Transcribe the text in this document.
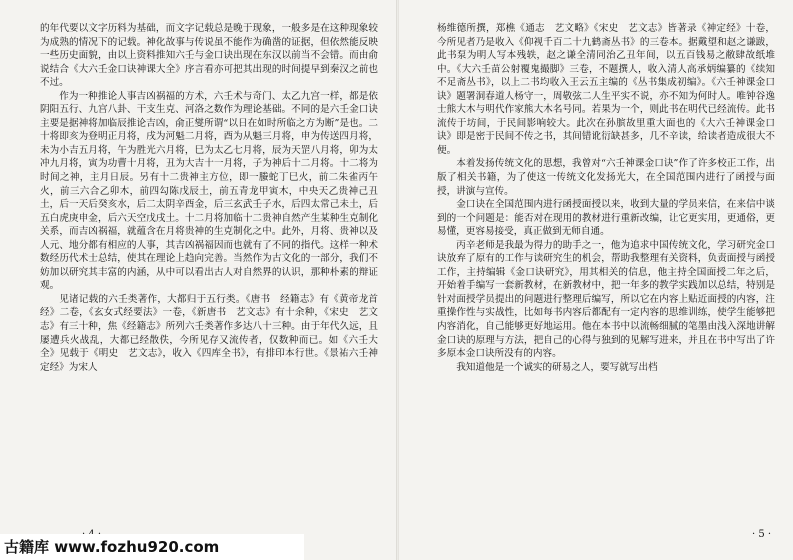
的年代要以文字历料为基础，而文字记载总是晚于现象，一般多是在这种现象较为成熟的情况下的记载。神化故事与传说虽不能作为确凿的证据，但依然能反映一些历史面貌，由以上资料推知六壬与金口诀出现在东汉以前当不会错。而由俞说结合《大六壬金口诀神课大全》序言看亦可把其出现的时间提早到秦汉之前也不过。

作为一种推论人事吉凶祸福的方术，六壬术与奇门、太乙九宫一样，都是依阴阳五行、九宫八卦、干支生克、河洛之数作为理论基础。不同的是六壬金口诀主要是据神将加临辰推论吉凶，俞正燮所谓“以日在如时所临之方为断”是也。二十将即亥为登明正月将，戌为河魁二月将，酉为从魁三月将，申为传送四月将，未为小吉五月将，午为胜光六月将，巳为太乙七月将，辰为天罡八月将，卯为太冲九月将，寅为功曹十月将，丑为大吉十一月将，子为神后十二月将。十二将为时间之神，主月日辰。另有十二贵神主方位，即一螣蛇丁巳火，前二朱雀丙午火，前三六合乙卯木，前四勾陈戊辰土，前五青龙甲寅木，中央天乙贵神己丑土，后一天后癸亥水，后二太阴辛酉金，后三玄武壬子水，后四太常己未土，后五白虎庚申金，后六天空戊戌土。十二月将加临十二贵神自然产生某种生克制化关系，而吉凶祸福，就蕴含在月将贵神的生克制化之中。此外，月将、贵神以及人元、地分都有相应的人事，其吉凶祸福因而也就有了不同的指代。这样一种术数经历代术士总结，使其在理论上趋向完善。当然作为古文化的一部分，我们不妨加以研究其丰富的内涵，从中可以看出古人对自然界的认识，那种朴素的辩证观。

见诸记载的六壬类著作，大都归于五行类。《唐书　经籍志》有《黄帝龙首经》二卷，《玄女式经要法》一卷，《新唐书　艺文志》有十余种，《宋史　艺文志》有三十种，焦《经籍志》所列六壬类著作多达八十三种。由于年代久远，且屡遭兵火战乱，大都已经散佚，今所见存又流传者，仅数种而已。如《六壬大全》见载于《明史　艺文志》，收入《四库全书》，有排印本行世。《景祐六壬神定经》为宋人

杨维德所撰，郑樵《通志　艺文略》《宋史　艺文志》皆著录《神定经》十卷，今所见者乃是收入《仰视千百二十九鹤斋丛书》的三卷本。据戴望和赵之谦跋，此书泵为明人写本残轶，赵之谦全清同治乙丑年间，以五百钱易之敝肆故纸堆中。《大六壬苗公射覆鬼撮脚》三卷，不题撰人，收入清人高承炳编纂的《续知不足斋丛书》，以上二书均收入王云五主编的《丛书集成初编》。《六壬神课金口诀》题署洞春道人杨守一，周敬弦二人生平实不说，亦不知为何时人。唯钟谷逸士熊大木与明代作家熊大木名号同。若果为一个，则此书在明代已经流传。此书流传于坊间，于民间影响较大。此次在孙膑故里重大面也的《大六壬神课金口诀》即是密于民间不传之书，其间错讹衍缺甚多，几不辛读，给读者造成很大不便。

本着发扬传统文化的思想，我曾对“六壬神课金口诀”作了许多校正工作，出版了相关书籍，为了使这一传统文化发扬光大，在全国范围内进行了函授与面授，讲演与宣传。

金口诀在全国范围内进行函授面授以来，收到大量的学员来信，在来信中谈到的一个问题是：能否对在现用的教材进行重新改编，让它更实用，更通俗，更易懂，更容易接受，真正做到无师自通。

丙辛老师是我最为得力的助手之一，他为追求中国传统文化，学习研究金口诀放弃了原有的工作与读研究生的机会，帮助我整理有关资料，负责面授与函授工作，主持编辑《金口诀研究》，用其相关的信息，他主持全国面授二年之后，开始着手编写一套新教材，在新教材中，把一年多的教学实践加以总结，特别是针对面授学员提出的问题进行整理后编写，所以它在内容上贴近面授的内容，注重操作性与实战性，比如每书内容后都配有一定内容的思维训练，使学生能够把内容消化，自己能够更好地运用。他在本书中以流畅细腻的笔墨由浅入深地讲解金口诀的原理与方法，把自己的心得与独到的见解写进来，并且在书中写出了许多原本金口诀所没有的内容。

我知道他是一个诚实的研易之人，要写就写出档

· 5 ·
古籍库 www.fozhu920.com
